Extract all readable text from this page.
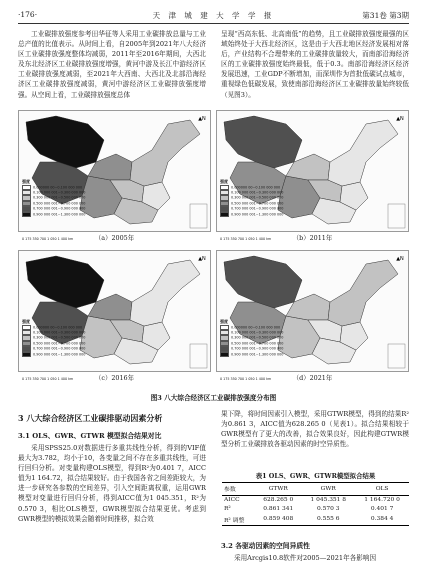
·176·	天 津 城 建 大 学 学 报	第31卷 第3期

工业碳排放强度参考田华征等人采用工业碳排放总量与工业总产值的比值表示。从时间上看，自2005年到2021年八大经济区工业碳排放强度整体均减弱，2011年至2016年期间，大西北及东北经济区工业碳排放强度增强，黄河中游及长江中游经济区工业碳排放强度减弱，至2021年大西南、大西北及北部沿海经济区工业碳排放强度减弱，黄河中游经济区工业碳排放强度增强。从空间上看，工业碳排放强度总体

呈现“西高东低、北高南低”的趋势，且工业碳排放强度最强的区域始终处于大西北经济区，这是由于大西北地区经济发展相对落后，产业结构不合理带来的工业碳排放量较大，而南部沿海经济区的工业碳排放强度始终最低，低于0.3。南部沿海经济区经济发展迅速，工业GDP不断增加，而深圳作为首批低碳试点城市，重视绿色低碳发展，致使南部沿海经济区工业碳排放量始终较低（见图3）。

▲N
强度
0.000000 00~0.100 000 000
0.100 000 001~0.300 000 000
0.300 000 001~0.500 000 000
0.500 000 001~0.700 000 000
0.700 000 001~0.900 000 000
0.900 000 001~1.300 000 000
0 175 350 700 1 050 1 400 km	（a）2005年
▲N
强度
0.000000 00~0.100 000 000
0.100 000 001~0.300 000 000
0.300 000 001~0.500 000 000
0.500 000 001~0.700 000 000
0.700 000 001~0.900 000 000
0.900 000 001~1.300 000 000
0 175 350 700 1 050 1 400 km	（b）2011年
▲N
强度
0.000000 00~0.100 000 000
0.100 000 001~0.300 000 000
0.300 000 001~0.500 000 000
0.500 000 001~0.700 000 000
0.700 000 001~0.900 000 000
0.900 000 001~1.300 000 000
0 175 350 700 1 050 1 400 km	（c）2016年
▲N
强度
0.000000 00~0.100 000 000
0.100 000 001~0.300 000 000
0.300 000 001~0.500 000 000
0.500 000 001~0.700 000 000
0.700 000 001~0.900 000 000
0.900 000 001~1.300 000 000
0 175 350 700 1 050 1 400 km	（d）2021年
图3 八大综合经济区工业碳排放强度分布图
3 八大综合经济区工业碳排驱动因素分析
3.1 OLS、GWR、GTWR 模型拟合结果对比

采用SPSS25.0对数据进行多重共线性分析，得到的VIF值最大为3.782，均小于10，各变量之间不存在多重共线性，可进行回归分析。对变量构建OLS模型，得到R²为0.401 7，AICC值为1 164.72，拟合结果较好。由于我国各省之间差距较大，为进一步研究各参数的空间差异，引入空间距离权重，运用GWR模型对变量进行回归分析，得到AICC值为1 045.351，R²为0.570 3，相比OLS模型，GWR模型拟合结果更优。考虑到GWR模型的模拟效果会随着时间推移，拟合效

果下降，将时间因素引入模型，采用GTWR模型，得到的结果R²为0.861 3，AICC值为628.265 0（见表1）。拟合结果相较于GWR模型有了更大的改善，拟合效果良好，因此构建GTWR模型分析工业碳排放各驱动因素的时空异质性。

表1 OLS、GWR、GTWR模型拟合结果
参数	GTWR	GWR	OLS
AICC	628.265 0	1 045.351 8	1 164.720 0
R²	0.861 341	0.570 3	0.401 7
R² 调整	0.859 408	0.555 6	0.384 4
3.2 各驱动因素的空间异质性

采用Arcgis10.8软件对2005—2021年各影响因
